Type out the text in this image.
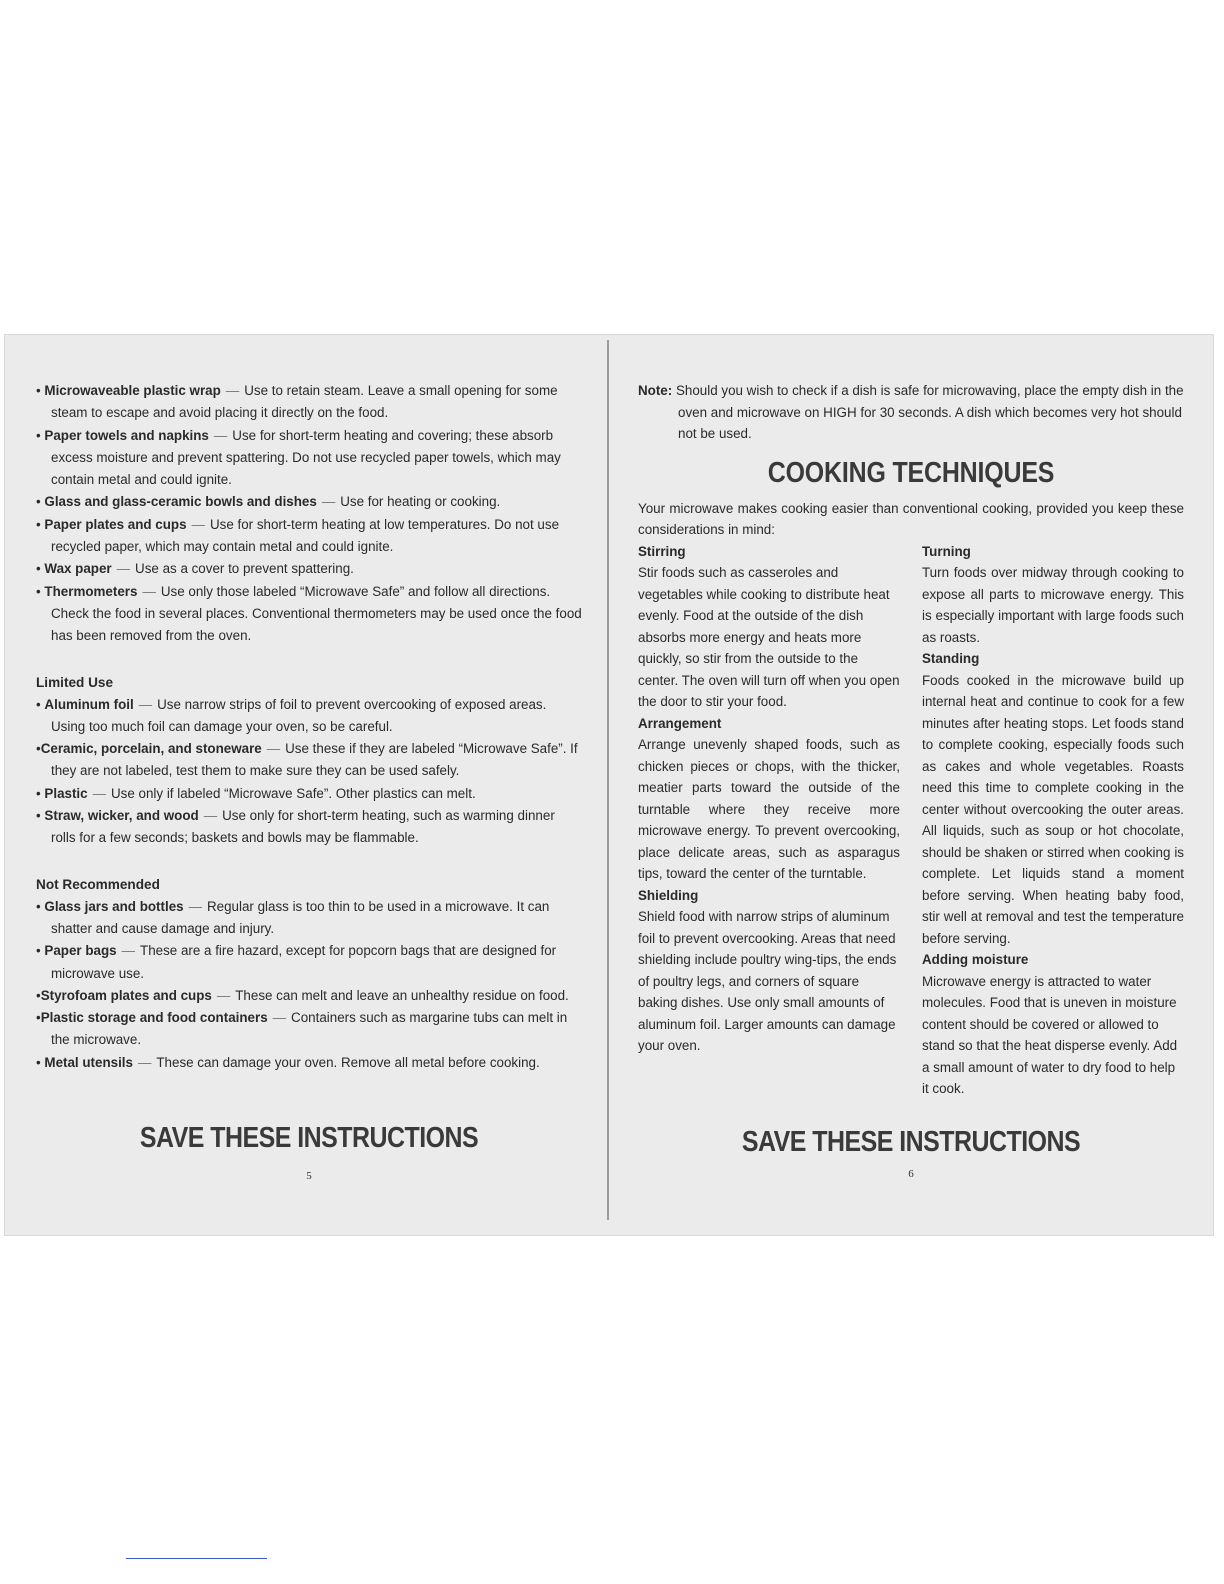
• Microwaveable plastic wrap — Use to retain steam. Leave a small opening for some steam to escape and avoid placing it directly on the food.

• Paper towels and napkins — Use for short-term heating and covering; these absorb excess moisture and prevent spattering. Do not use recycled paper towels, which may contain metal and could ignite.

• Glass and glass-ceramic bowls and dishes — Use for heating or cooking.

• Paper plates and cups — Use for short-term heating at low temperatures. Do not use recycled paper, which may contain metal and could ignite.

• Wax paper — Use as a cover to prevent spattering.

• Thermometers — Use only those labeled “Microwave Safe” and follow all directions. Check the food in several places. Conventional thermometers may be used once the food has been removed from the oven.

Limited Use

• Aluminum foil — Use narrow strips of foil to prevent overcooking of exposed areas. Using too much foil can damage your oven, so be careful.

•Ceramic, porcelain, and stoneware — Use these if they are labeled “Microwave Safe”. If they are not labeled, test them to make sure they can be used safely.

• Plastic — Use only if labeled “Microwave Safe”. Other plastics can melt.

• Straw, wicker, and wood — Use only for short-term heating, such as warming dinner rolls for a few seconds; baskets and bowls may be flammable.

Not Recommended

• Glass jars and bottles — Regular glass is too thin to be used in a microwave. It can shatter and cause damage and injury.

• Paper bags — These are a fire hazard, except for popcorn bags that are designed for microwave use.

•Styrofoam plates and cups — These can melt and leave an unhealthy residue on food.

•Plastic storage and food containers — Containers such as margarine tubs can melt in the microwave.

• Metal utensils — These can damage your oven. Remove all metal before cooking.

SAVE THESE INSTRUCTIONS
5

Note: Should you wish to check if a dish is safe for microwaving, place the empty dish in the oven and microwave on HIGH for 30 seconds. A dish which becomes very hot should not be used.

COOKING TECHNIQUES

Your microwave makes cooking easier than conventional cooking, provided you keep these considerations in mind:

Stirring

Stir foods such as casseroles and vegetables while cooking to distribute heat evenly. Food at the outside of the dish absorbs more energy and heats more quickly, so stir from the outside to the center. The oven will turn off when you open the door to stir your food.

Arrangement

Arrange unevenly shaped foods, such as chicken pieces or chops, with the thicker, meatier parts toward the outside of the turntable where they receive more microwave energy. To prevent overcooking, place delicate areas, such as asparagus tips, toward the center of the turntable.

Shielding

Shield food with narrow strips of aluminum foil to prevent overcooking. Areas that need shielding include poultry wing-tips, the ends of poultry legs, and corners of square baking dishes. Use only small amounts of aluminum foil. Larger amounts can damage your oven.

Turning

Turn foods over midway through cooking to expose all parts to microwave energy. This is especially important with large foods such as roasts.

Standing

Foods cooked in the microwave build up internal heat and continue to cook for a few minutes after heating stops. Let foods stand to complete cooking, especially foods such as cakes and whole vegetables. Roasts need this time to complete cooking in the center without overcooking the outer areas. All liquids, such as soup or hot chocolate, should be shaken or stirred when cooking is complete. Let liquids stand a moment before serving. When heating baby food, stir well at removal and test the temperature before serving.

Adding moisture

Microwave energy is attracted to water molecules. Food that is uneven in moisture content should be covered or allowed to stand so that the heat disperse evenly. Add a small amount of water to dry food to help it cook.

SAVE THESE INSTRUCTIONS
6
